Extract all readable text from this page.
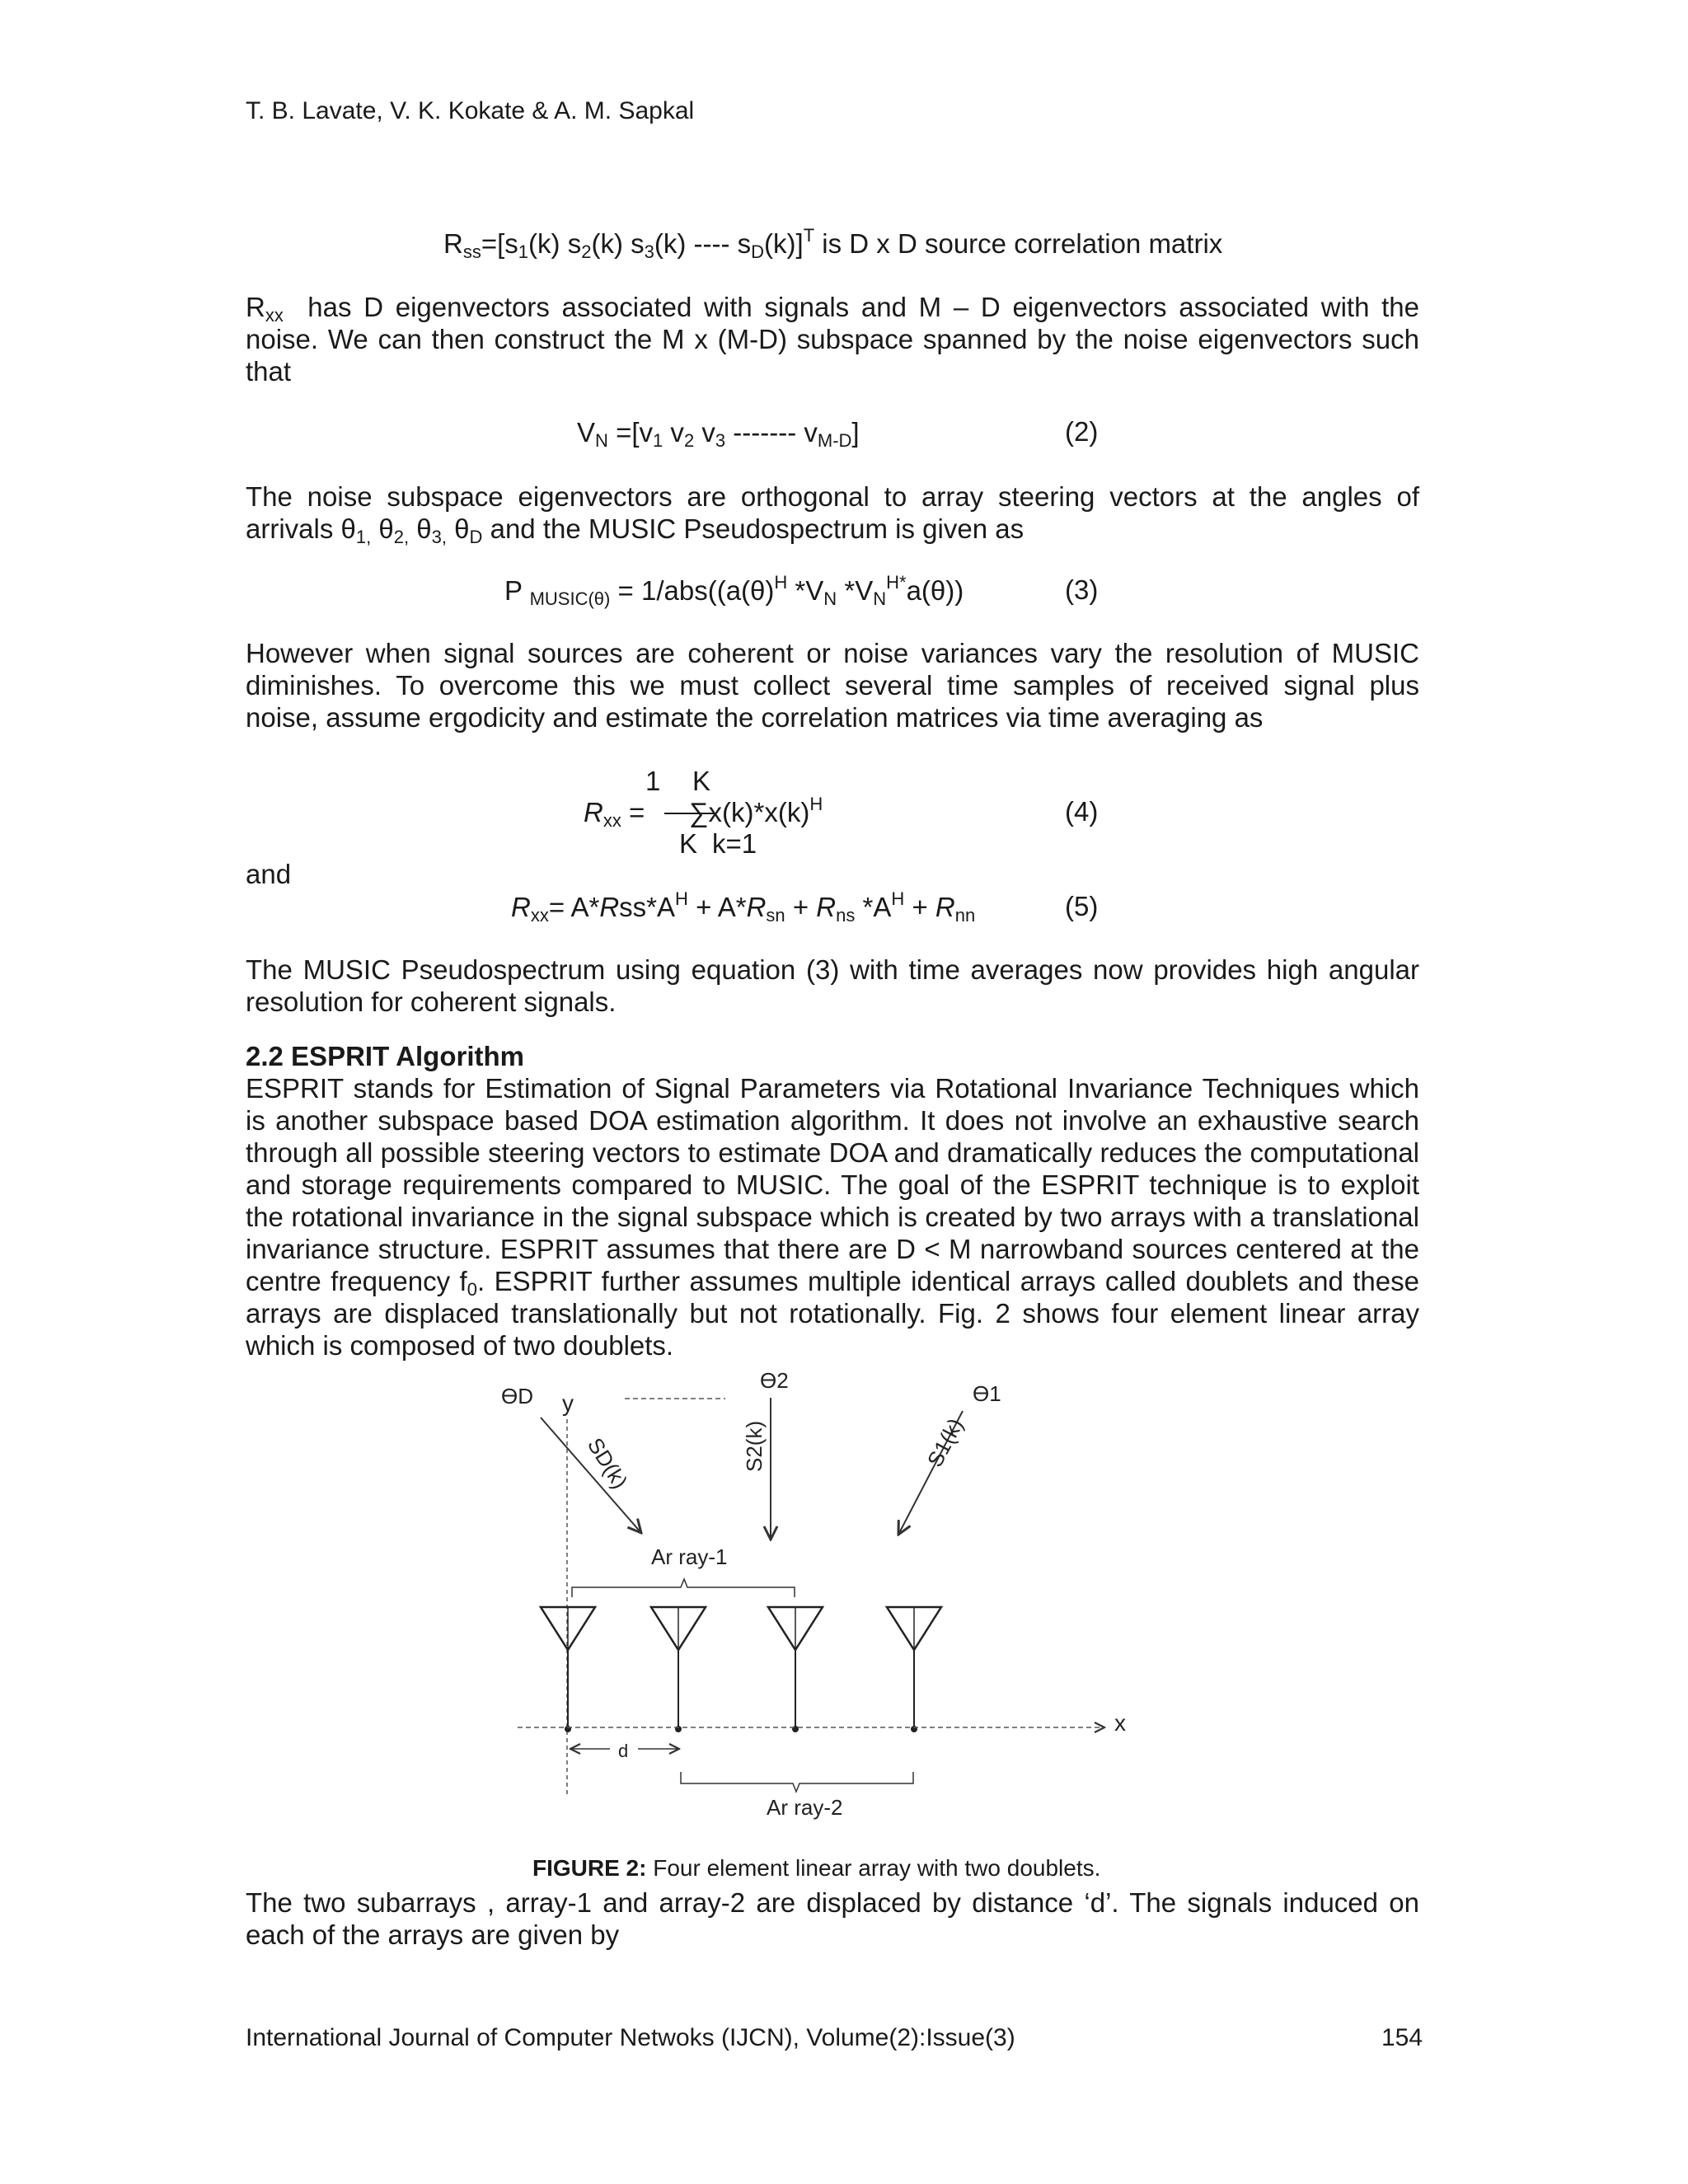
T. B. Lavate, V. K. Kokate & A. M. Sapkal
$R_{ss}=[s_1(k)$ $s_2(k)$ $s_3(k)$ ---- $s_D(k)]^T$ is D x D source correlation matrix
$R_{xx}$ has D eigenvectors associated with signals and M – D eigenvectors associated with the
noise. We can then construct the M x (M-D) subspace spanned by the noise eigenvectors such
that
$V_N =[v_1$ $v_2$ $v_3$ ------- $v_{M-D}$]	(2)
The noise subspace eigenvectors are orthogonal to array steering vectors at the angles of
arrivals $\theta_{1,}$ $\theta_{2,}$ $\theta_{3,}$ $\theta_D$ and the MUSIC Pseudospectrum is given as
P $_{MUSIC(\theta)} = 1/abs((a(\theta)^H$ $*V_N$ $*V_N^{H*}a(\theta)$)	(3)
However when signal sources are coherent or noise variances vary the resolution of MUSIC
diminishes. To overcome this we must collect several time samples of received signal plus
noise, assume ergodicity and estimate the correlation matrices via time averaging as
1 K
$R_{xx} = \sum x(k)*x(k)^H$
K k=1
(4)
and
$R_{xx}= A*Rss*A^H + A*R_{sn} + R_{ns}$ $*A^H + R_{nn}$	(5)
The MUSIC Pseudospectrum using equation (3) with time averages now provides high angular
resolution for coherent signals.
2.2 ESPRIT Algorithm
ESPRIT stands for Estimation of Signal Parameters via Rotational Invariance Techniques which
is another subspace based DOA estimation algorithm. It does not involve an exhaustive search
through all possible steering vectors to estimate DOA and dramatically reduces the computational
and storage requirements compared to MUSIC. The goal of the ESPRIT technique is to exploit
the rotational invariance in the signal subspace which is created by two arrays with a translational
invariance structure. ESPRIT assumes that there are D < M narrowband sources centered at the
centre frequency $f_0$. ESPRIT further assumes multiple identical arrays called doublets and these
arrays are displaced translationally but not rotationally. Fig. 2 shows four element linear array
which is composed of two doublets.
ƟD
Ɵ2
Ɵ1
y
x
SD(k)	S2(k)	S1(k)
Ar ray-1
d
Ar ray-2
FIGURE 2: Four element linear array with two doublets.
The two subarrays , array-1 and array-2 are displaced by distance ‘d’. The signals induced on
each of the arrays are given by
International Journal of Computer Netwoks (IJCN), Volume(2):Issue(3)	154
